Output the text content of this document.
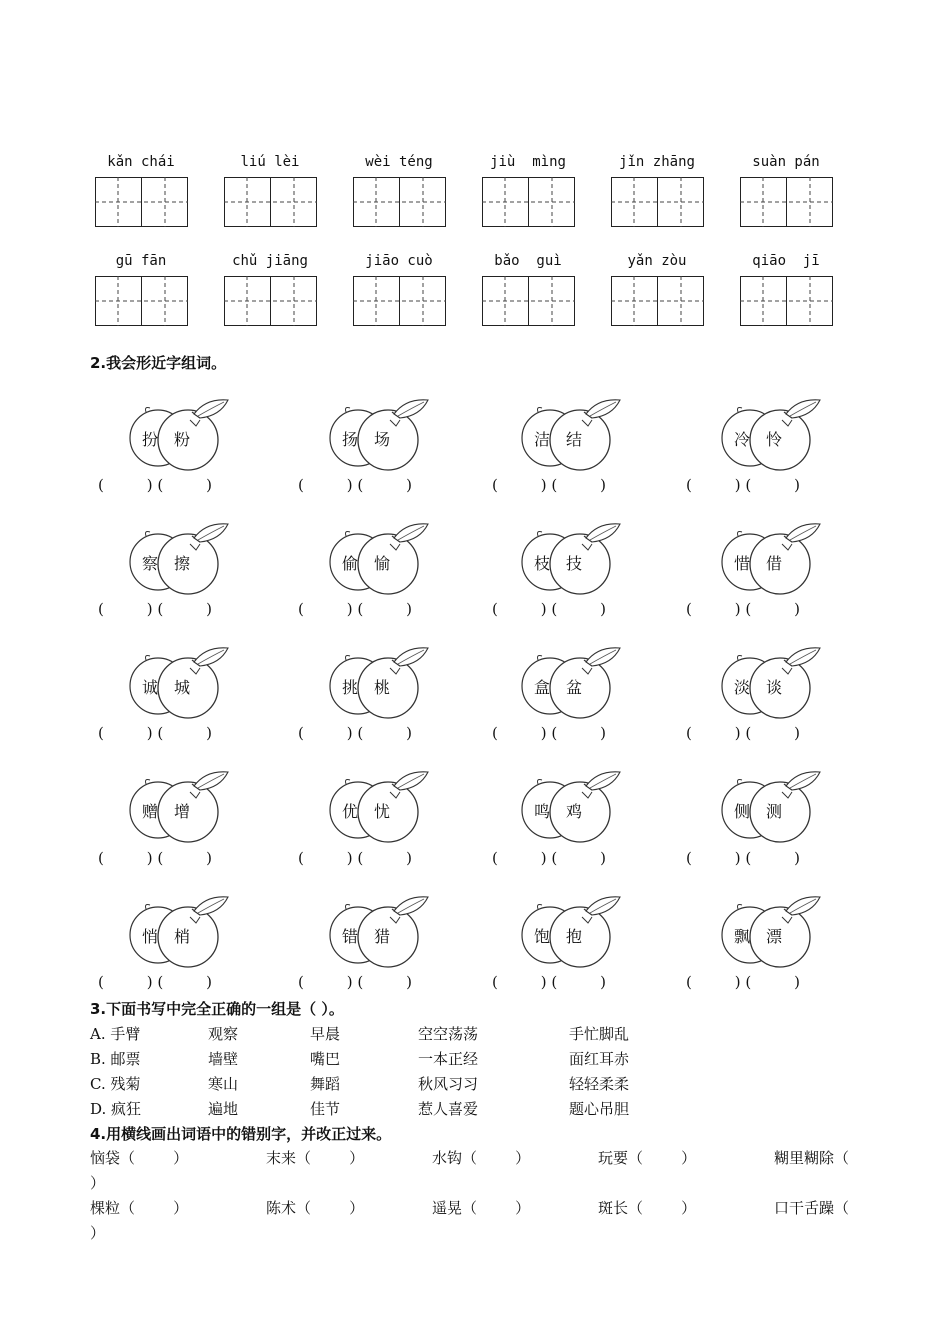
kǎn chái	liú lèi	wèi téng	jiù  mìng	jǐn zhāng	suàn pán
gū fān	chǔ jiāng	jiāo cuò	bǎo  guì	yǎn zòu	qiāo  jī
2.我会形近字组词。
扮 粉
(         ) (         )
扬 场
(         ) (         )
洁 结
(         ) (         )
冷 怜
(         ) (         )
察 擦
(         ) (         )
偷 愉
(         ) (         )
枝 技
(         ) (         )
惜 借
(         ) (         )
诚 城
(         ) (         )
挑 桃
(         ) (         )
盒 盆
(         ) (         )
淡 谈
(         ) (         )
赠 增
(         ) (         )
优 忧
(         ) (         )
鸣 鸡
(         ) (         )
侧 测
(         ) (         )
悄 梢
(         ) (         )
错 猎
(         ) (         )
饱 抱
(         ) (         )
飘 漂
(         ) (         )
3.下面书写中完全正确的一组是（ ）。
A. 手臂	观察	早晨	空空荡荡	手忙脚乱
B. 邮票	墙壁	嘴巴	一本正经	面红耳赤
C. 残菊	寒山	舞蹈	秋风习习	轻轻柔柔
D. 疯狂	遍地	佳节	惹人喜爱	题心吊胆
4.用横线画出词语中的错别字，并改正过来。
恼袋（        ）	末来（        ）	水钩（        ）	玩要（        ）	糊里糊除（
）
棵粒（        ）	陈术（        ）	遥晃（        ）	斑长（        ）	口干舌躁（
）
